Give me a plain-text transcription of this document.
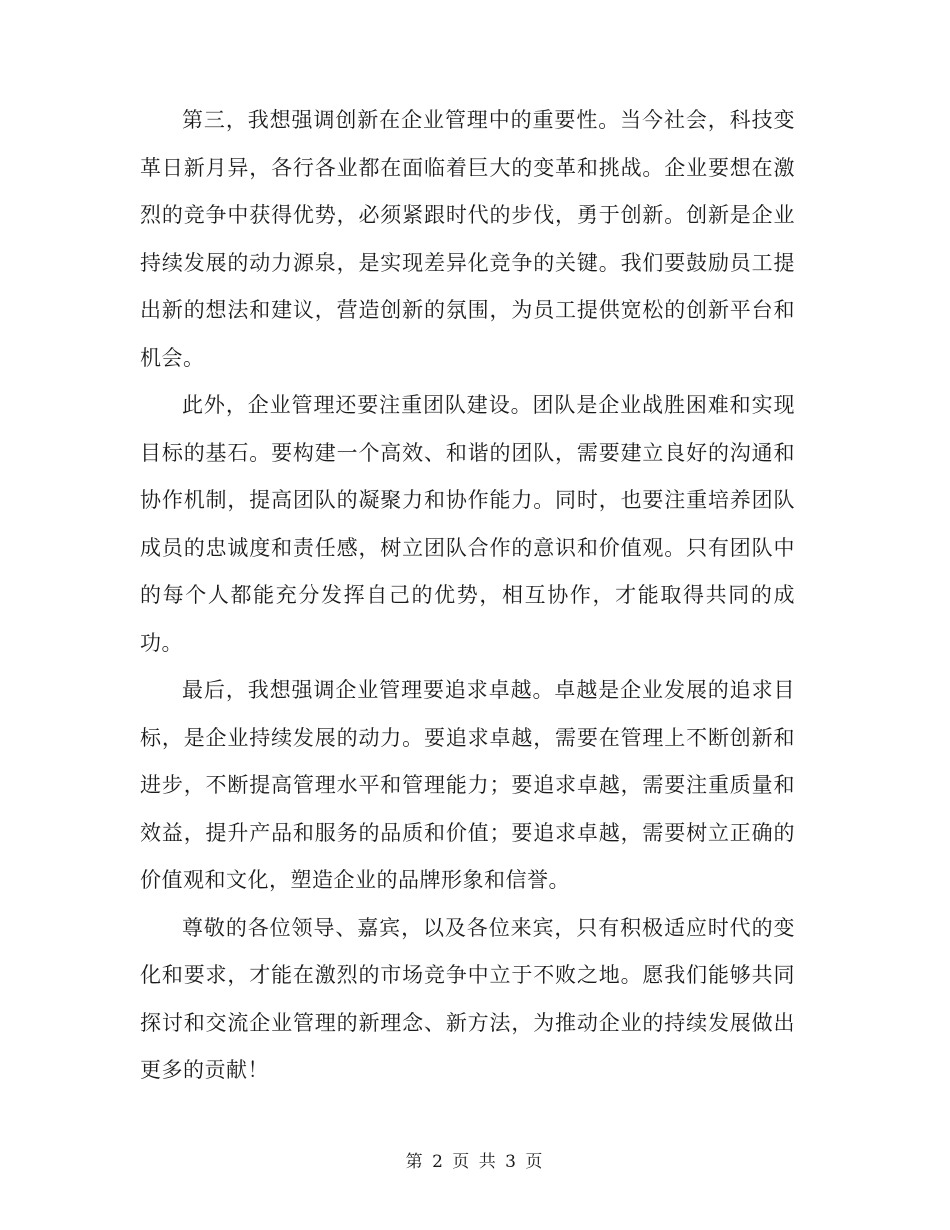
第三，我想强调创新在企业管理中的重要性。当今社会，科技变革日新月异，各行各业都在面临着巨大的变革和挑战。企业要想在激烈的竞争中获得优势，必须紧跟时代的步伐，勇于创新。创新是企业持续发展的动力源泉，是实现差异化竞争的关键。我们要鼓励员工提出新的想法和建议，营造创新的氛围，为员工提供宽松的创新平台和机会。

此外，企业管理还要注重团队建设。团队是企业战胜困难和实现目标的基石。要构建一个高效、和谐的团队，需要建立良好的沟通和协作机制，提高团队的凝聚力和协作能力。同时，也要注重培养团队成员的忠诚度和责任感，树立团队合作的意识和价值观。只有团队中的每个人都能充分发挥自己的优势，相互协作，才能取得共同的成功。

最后，我想强调企业管理要追求卓越。卓越是企业发展的追求目标，是企业持续发展的动力。要追求卓越，需要在管理上不断创新和进步，不断提高管理水平和管理能力；要追求卓越，需要注重质量和效益，提升产品和服务的品质和价值；要追求卓越，需要树立正确的价值观和文化，塑造企业的品牌形象和信誉。

尊敬的各位领导、嘉宾，以及各位来宾，只有积极适应时代的变化和要求，才能在激烈的市场竞争中立于不败之地。愿我们能够共同探讨和交流企业管理的新理念、新方法，为推动企业的持续发展做出更多的贡献！

第 2 页 共 3 页
